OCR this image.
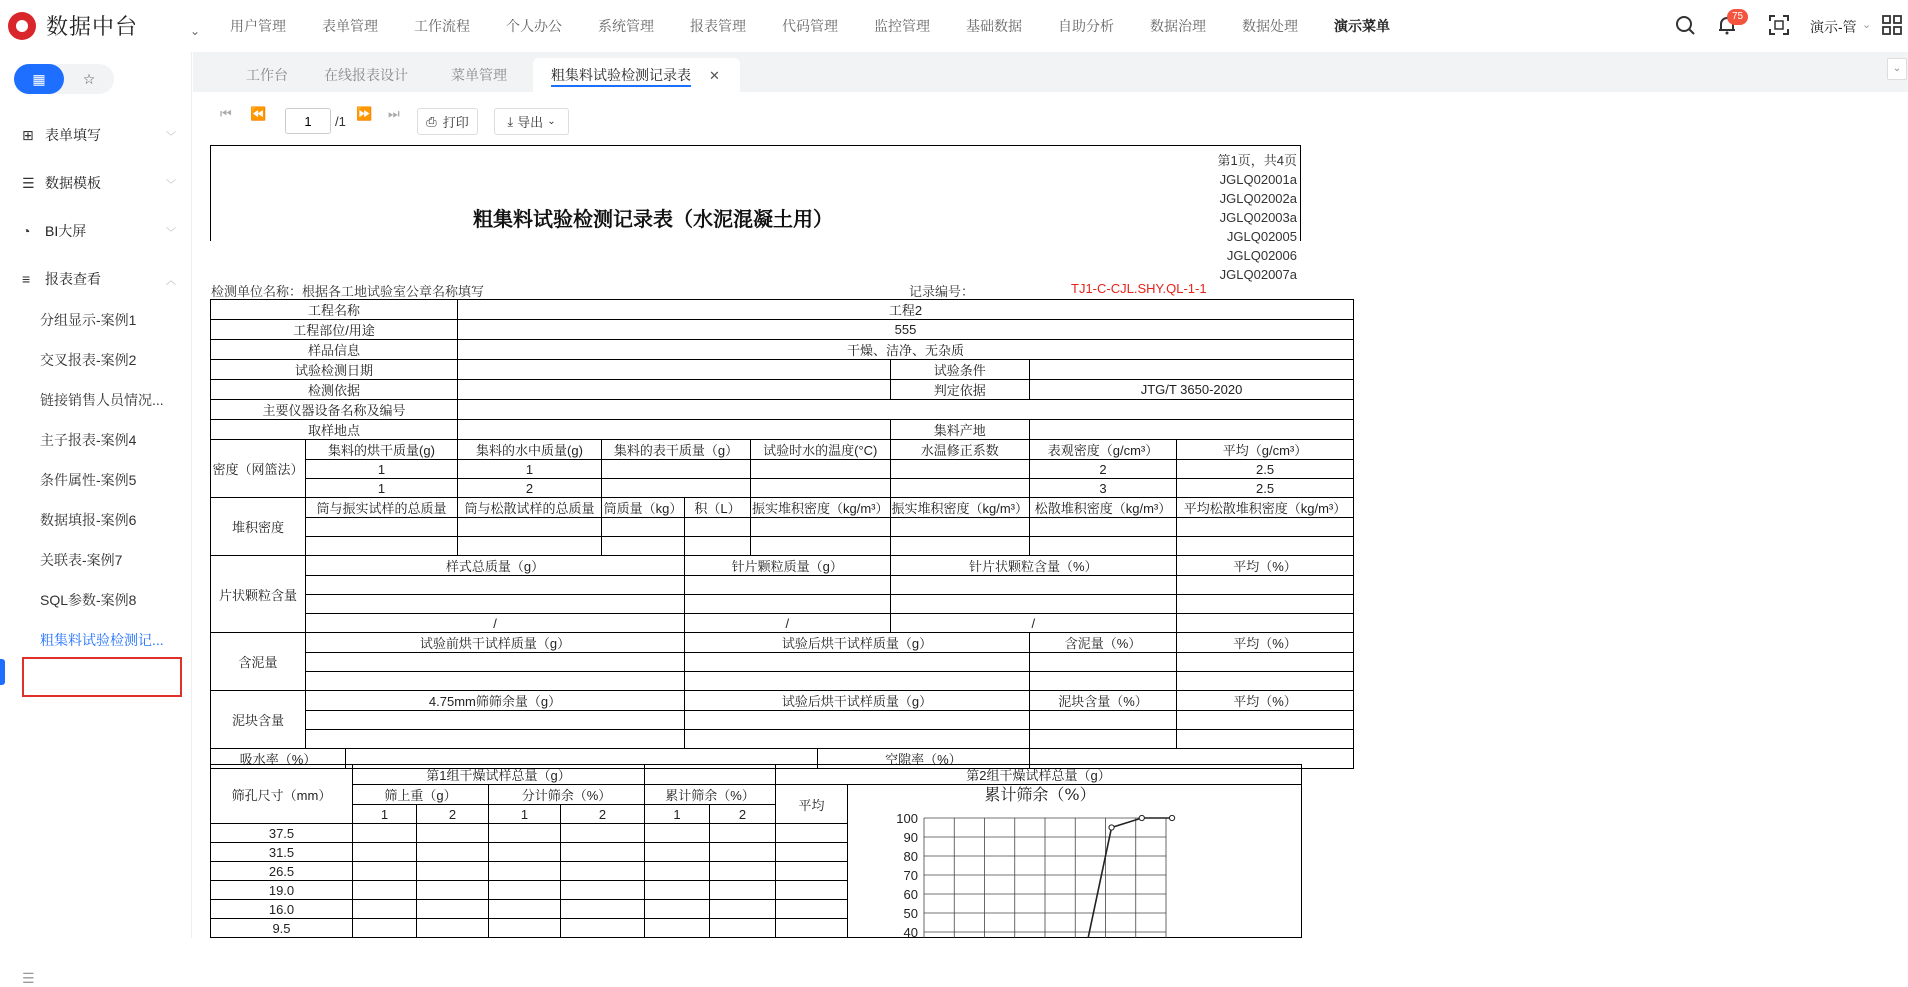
数据中台	⌄	用户管理	表单管理	工作流程	个人办公	系统管理	报表管理	代码管理	监控管理	基础数据	自助分析	数据治理	数据处理	演示菜单
75
演示-管 ⌄
▦	☆
⊞ 表单填写	﹀
☰ 数据模板	﹀
◔ BI大屏	﹀
≡ 报表查看	︿
分组显示-案例1
交叉报表-案例2
链接销售人员情况...
主子报表-案例4
条件属性-案例5
数据填报-案例6
关联表-案例7
SQL参数-案例8
粗集料试验检测记...
☰
工作台	在线报表设计	菜单管理	粗集料试验检测记录表 ✕	⌄
⏮ ⏪
1
/1
⏩ ⏭ ⎙ 打印	⤓ 导出 ⌄
第1页，共4页
JGLQ02001a
JGLQ02002a
JGLQ02003a
JGLQ02005
JGLQ02006
JGLQ02007a
粗集料试验检测记录表（水泥混凝土用）
检测单位名称：根据各工地试验室公章名称填写	记录编号：	TJ1-C-CJL.SHY.QL-1-1
工程名称			工程2							
工程部位/用途			555							
样品信息			干燥、洁净、无杂质							
试验检测日期								试验条件		
检测依据								判定依据	JTG/T 3650-2020	
主要仪器设备名称及编号										
取样地点								集料产地		
密度（网篮法）	集料的烘干质量(g)		集料的水中质量(g)	集料的表干质量（g）		试验时水的温度(°C)		水温修正系数	表观密度（g/cm³）	平均（g/cm³）
	1		1						2	2.5
	1		2						3	2.5
堆积密度	筒与振实试样的总质量		筒与松散试样的总质量	筒质量（kg）	积（L）	振实堆积密度（kg/m³）		振实堆积密度（kg/m³）	松散堆积密度（kg/m³）	平均松散堆积密度（kg/m³）

片状颗粒含量	样式总质量（g）				针片颗粒质量（g）			针片状颗粒含量（%）		平均（%）

	/				/			/		
含泥量	试验前烘干试样质量（g）				试验后烘干试样质量（g）				含泥量（%）	平均（%）

泥块含量	4.75mm筛筛余量（g）				试验后烘干试样质量（g）				泥块含量（%）	平均（%）

吸水率（%）							空隙率（%）			
筛孔尺寸（mm）	第1组干燥试样总量（g）						第2组干燥试样总量（g）	
	筛上重（g）		分计筛余（%）		累计筛余（%）		平均	
	1	2	1	2	1	2		
37.5								
31.5								
26.5								
19.0								
16.0								
9.5								
累计筛余（%）
100
90
80
70
60
50
40
